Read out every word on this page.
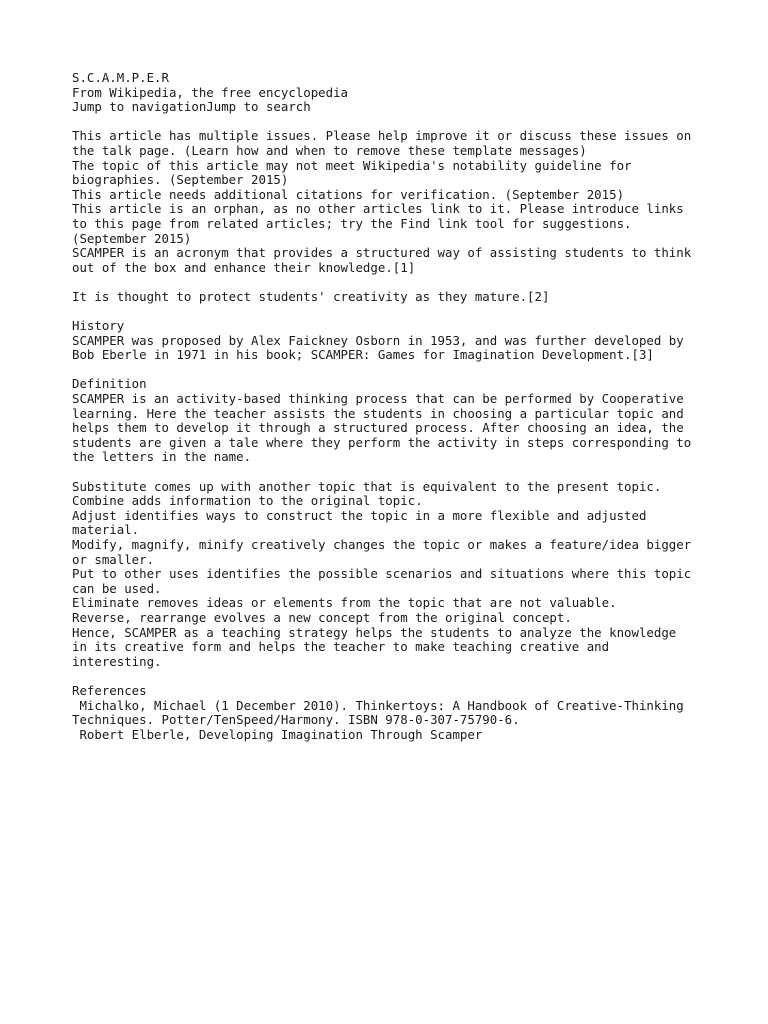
S.C.A.M.P.E.R
From Wikipedia, the free encyclopedia
Jump to navigationJump to search
This article has multiple issues. Please help improve it or discuss these issues on
the talk page. (Learn how and when to remove these template messages)
The topic of this article may not meet Wikipedia's notability guideline for
biographies. (September 2015)
This article needs additional citations for verification. (September 2015)
This article is an orphan, as no other articles link to it. Please introduce links
to this page from related articles; try the Find link tool for suggestions.
(September 2015)
SCAMPER is an acronym that provides a structured way of assisting students to think
out of the box and enhance their knowledge.[1]
It is thought to protect students' creativity as they mature.[2]
History
SCAMPER was proposed by Alex Faickney Osborn in 1953, and was further developed by
Bob Eberle in 1971 in his book; SCAMPER: Games for Imagination Development.[3]
Definition
SCAMPER is an activity-based thinking process that can be performed by Cooperative
learning. Here the teacher assists the students in choosing a particular topic and
helps them to develop it through a structured process. After choosing an idea, the
students are given a tale where they perform the activity in steps corresponding to
the letters in the name.
Substitute comes up with another topic that is equivalent to the present topic.
Combine adds information to the original topic.
Adjust identifies ways to construct the topic in a more flexible and adjusted
material.
Modify, magnify, minify creatively changes the topic or makes a feature/idea bigger
or smaller.
Put to other uses identifies the possible scenarios and situations where this topic
can be used.
Eliminate removes ideas or elements from the topic that are not valuable.
Reverse, rearrange evolves a new concept from the original concept.
Hence, SCAMPER as a teaching strategy helps the students to analyze the knowledge
in its creative form and helps the teacher to make teaching creative and
interesting.
References
Michalko, Michael (1 December 2010). Thinkertoys: A Handbook of Creative-Thinking
Techniques. Potter/TenSpeed/Harmony. ISBN 978-0-307-75790-6.
Robert Elberle, Developing Imagination Through Scamper
